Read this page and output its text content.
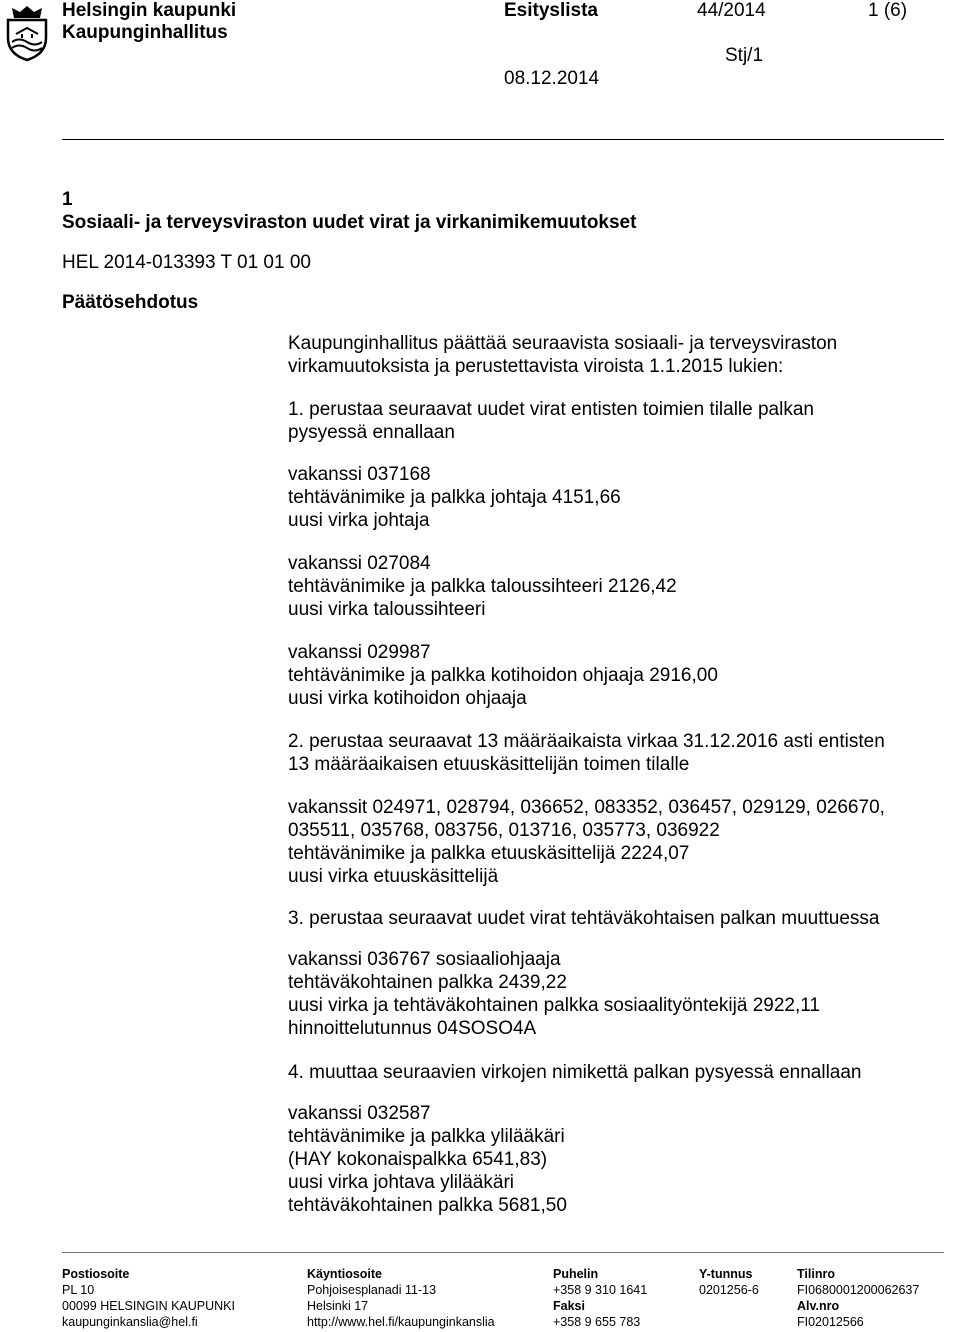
Helsingin kaupunki
Kaupunginhallitus
Esityslista	44/2014	1 (6)
Stj/1
08.12.2014
1
Sosiaali- ja terveysviraston uudet virat ja virkanimikemuutokset
HEL 2014-013393 T 01 01 00
Päätösehdotus
Kaupunginhallitus päättää seuraavista sosiaali- ja terveysviraston
virkamuutoksista ja perustettavista viroista 1.1.2015 lukien:
1. perustaa seuraavat uudet virat entisten toimien tilalle palkan
pysyessä ennallaan
vakanssi 037168
tehtävänimike ja palkka johtaja 4151,66
uusi virka johtaja
vakanssi 027084
tehtävänimike ja palkka taloussihteeri 2126,42
uusi virka taloussihteeri
vakanssi 029987
tehtävänimike ja palkka kotihoidon ohjaaja 2916,00
uusi virka kotihoidon ohjaaja
2. perustaa seuraavat 13 määräaikaista virkaa 31.12.2016 asti entisten
13 määräaikaisen etuuskäsittelijän toimen tilalle
vakanssit 024971, 028794, 036652, 083352, 036457, 029129, 026670,
035511, 035768, 083756, 013716, 035773, 036922
tehtävänimike ja palkka etuuskäsittelijä 2224,07
uusi virka etuuskäsittelijä
3. perustaa seuraavat uudet virat tehtäväkohtaisen palkan muuttuessa
vakanssi 036767 sosiaaliohjaaja
tehtäväkohtainen palkka 2439,22
uusi virka ja tehtäväkohtainen palkka sosiaalityöntekijä 2922,11
hinnoittelutunnus 04SOSO4A
4. muuttaa seuraavien virkojen nimikettä palkan pysyessä ennallaan
vakanssi 032587
tehtävänimike ja palkka ylilääkäri
(HAY kokonaispalkka 6541,83)
uusi virka johtava ylilääkäri
tehtäväkohtainen palkka 5681,50
Postiosoite
PL 10
00099 HELSINGIN KAUPUNKI
kaupunginkanslia@hel.fi
Käyntiosoite
Pohjoisesplanadi 11-13
Helsinki 17
http://www.hel.fi/kaupunginkanslia
Puhelin
+358 9 310 1641
Faksi
+358 9 655 783
Y-tunnus
0201256-6
Tilinro
FI0680001200062637
Alv.nro
FI02012566
